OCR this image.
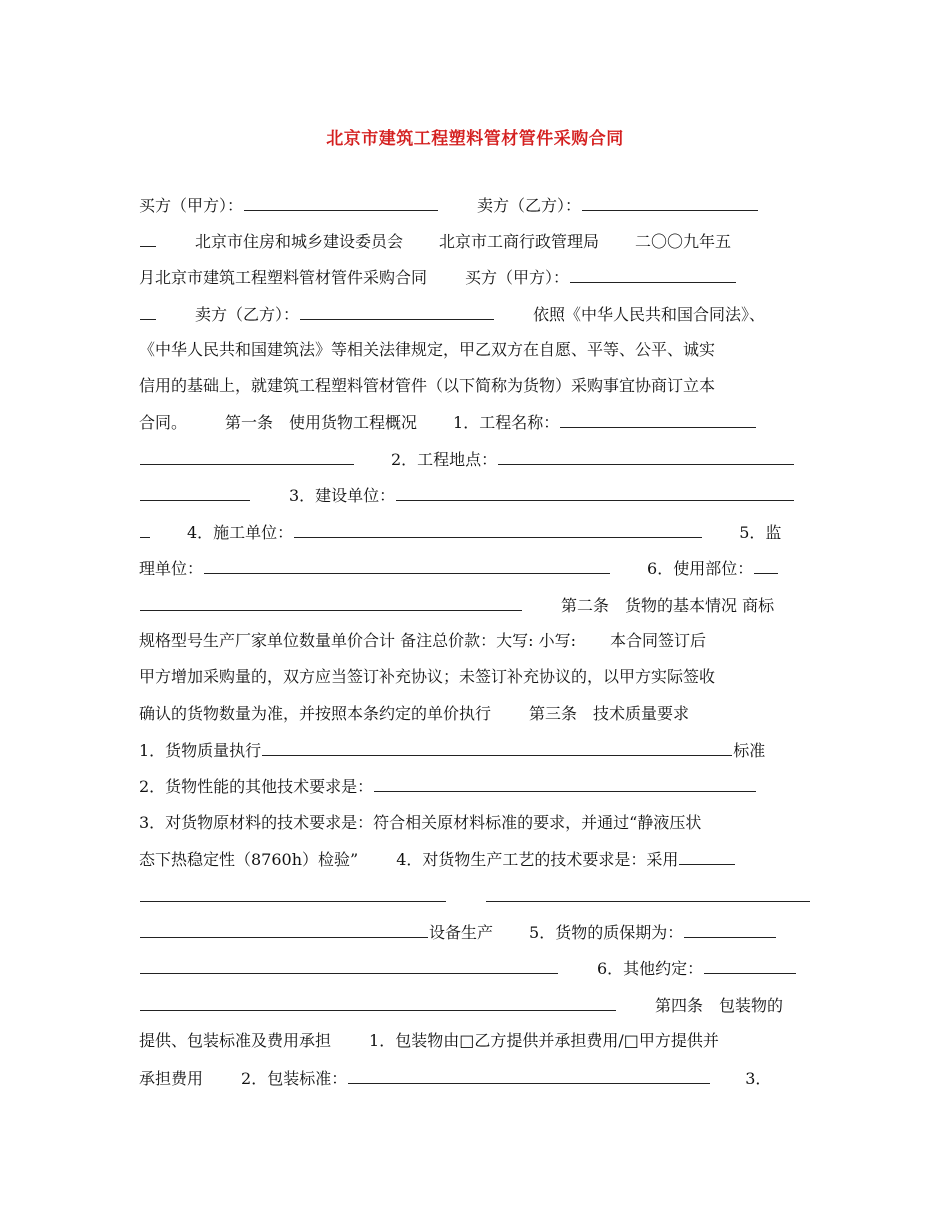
北京市建筑工程塑料管材管件采购合同
买方（甲方）：	卖方（乙方）：
北京市住房和城乡建设委员会 北京市工商行政管理局 二〇〇九年五
月北京市建筑工程塑料管材管件采购合同 买方（甲方）：
卖方（乙方）：	依照《中华人民共和国合同法》、
《中华人民共和国建筑法》等相关法律规定，甲乙双方在自愿、平等、公平、诚实
信用的基础上，就建筑工程塑料管材管件（以下简称为货物）采购事宜协商订立本
合同。 第一条　使用货物工程概况 1．工程名称：
2．工程地点：
3．建设单位：
4．施工单位：	5．监
理单位：	6．使用部位：
第二条　货物的基本情况 商标
规格型号生产厂家单位数量单价合计 备注总价款：大写: 小写: 本合同签订后
甲方增加采购量的，双方应当签订补充协议；未签订补充协议的，以甲方实际签收
确认的货物数量为准，并按照本条约定的单价执行 第三条　技术质量要求
1．货物质量执行	标准
2．货物性能的其他技术要求是：
3．对货物原材料的技术要求是：符合相关原材料标准的要求，并通过“静液压状
态下热稳定性（8760h）检验” 4．对货物生产工艺的技术要求是：采用
设备生产 5．货物的质保期为：
6．其他约定：
第四条　包装物的
提供、包装标准及费用承担 1．包装物由□乙方提供并承担费用/□甲方提供并
承担费用 2．包装标准：	3．
